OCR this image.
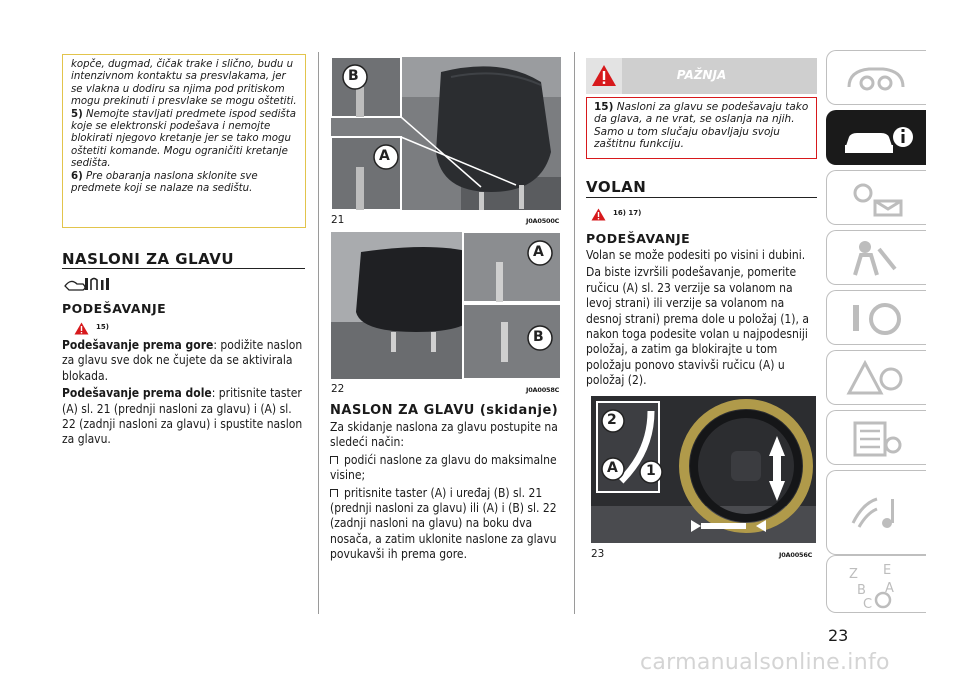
kopče, dugmad, čičak trake i slično, budu u intenzivnom kontaktu sa presvlakama, jer se vlakna u dodiru sa njima pod pritiskom mogu prekinuti i presvlake se mogu oštetiti.

5) Nemojte stavljati predmete ispod sedišta koje se elektronski podešava i nemojte blokirati njegovo kretanje jer se tako mogu oštetiti komande. Mogu ograničiti kretanje sedišta.

6) Pre obaranja naslona sklonite sve predmete koji se nalaze na sedištu.

NASLONI ZA GLAVU
PODEŠAVANJE
15)

Podešavanje prema gore: podižite naslon za glavu sve dok ne čujete da se aktivirala blokada.

Podešavanje prema dole: pritisnite taster (A) sl. 21 (prednji nasloni za glavu) i (A) sl. 22 (zadnji nasloni za glavu) i spustite naslon za glavu.

B
A
21	J0A0500C
A
B
22	J0A0058C
NASLON ZA GLAVU (skidanje)

Za skidanje naslona za glavu postupite na sledeći način:

podići naslone za glavu do maksimalne visine;

pritisnite taster (A) i uređaj (B) sl. 21 (prednji nasloni za glavu) ili (A) i (B) sl. 22 (zadnji nasloni na glavu) na boku dva nosača, a zatim uklonite naslone za glavu povukavši ih prema gore.

PAŽNJA
15) Nasloni za glavu se podešavaju tako da glava, a ne vrat, se oslanja na njih. Samo u tom slučaju obavljaju svoju zaštitnu funkciju.
VOLAN
16) 17)
PODEŠAVANJE

Volan se može podesiti po visini i dubini.

Da biste izvršili podešavanje, pomerite ručicu (A) sl. 23 verzije sa volanom na levoj strani) ili verzije sa volanom na desnoj strani) prema dole u položaj (1), a nakon toga podesite volan u najpodesniji položaj, a zatim ga blokirajte u tom položaju ponovo stavivši ručicu (A) u položaj (2).

2
A 1
23	J0A0056C
Z E
B A
C
23
carmanualsonline.info
